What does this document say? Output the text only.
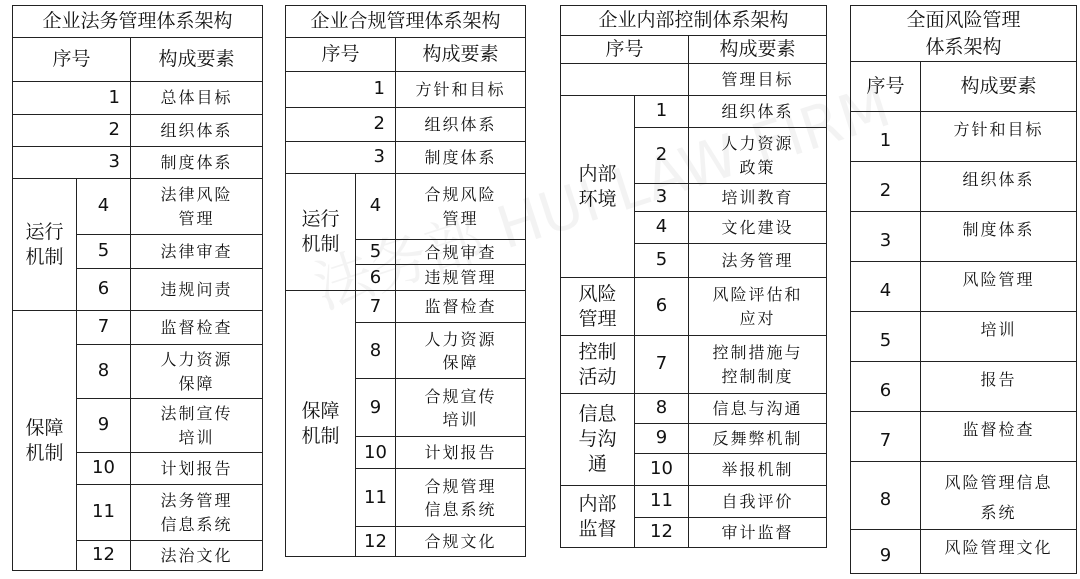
企业法务管理体系架构		
序号		构成要素
	1	总体目标
	2	组织体系
	3	制度体系
运行
机制	4	法律风险
管理
	5	法律审查
	6	违规问责
保障
机制	7	监督检查
	8	人力资源
保障
	9	法制宣传
培训
	10	计划报告
	11	法务管理
信息系统
	12	法治文化
企业合规管理体系架构		
序号		构成要素
	1	方针和目标
	2	组织体系
	3	制度体系
运行
机制	4	合规风险
管理
	5	合规审查
	6	违规管理
保障
机制	7	监督检查
	8	人力资源
保障
	9	合规宣传
培训
	10	计划报告
	11	合规管理
信息系统
	12	合规文化
企业内部控制体系架构		
序号		构成要素
		管理目标
内部
环境	1	组织体系
	2	人力资源
政策
	3	培训教育
	4	文化建设
	5	法务管理
风险
管理	6	风险评估和
应对
控制
活动	7	控制措施与
控制制度
信息
与沟
通	8	信息与沟通
	9	反舞弊机制
	10	举报机制
内部
监督	11	自我评价
	12	审计监督
全面风险管理
体系架构	
序号	构成要素
1	方针和目标
2	组织体系
3	制度体系
4	风险管理
5	培训
6	报告
7	监督检查
8	风险管理信息
系统
9	风险管理文化
